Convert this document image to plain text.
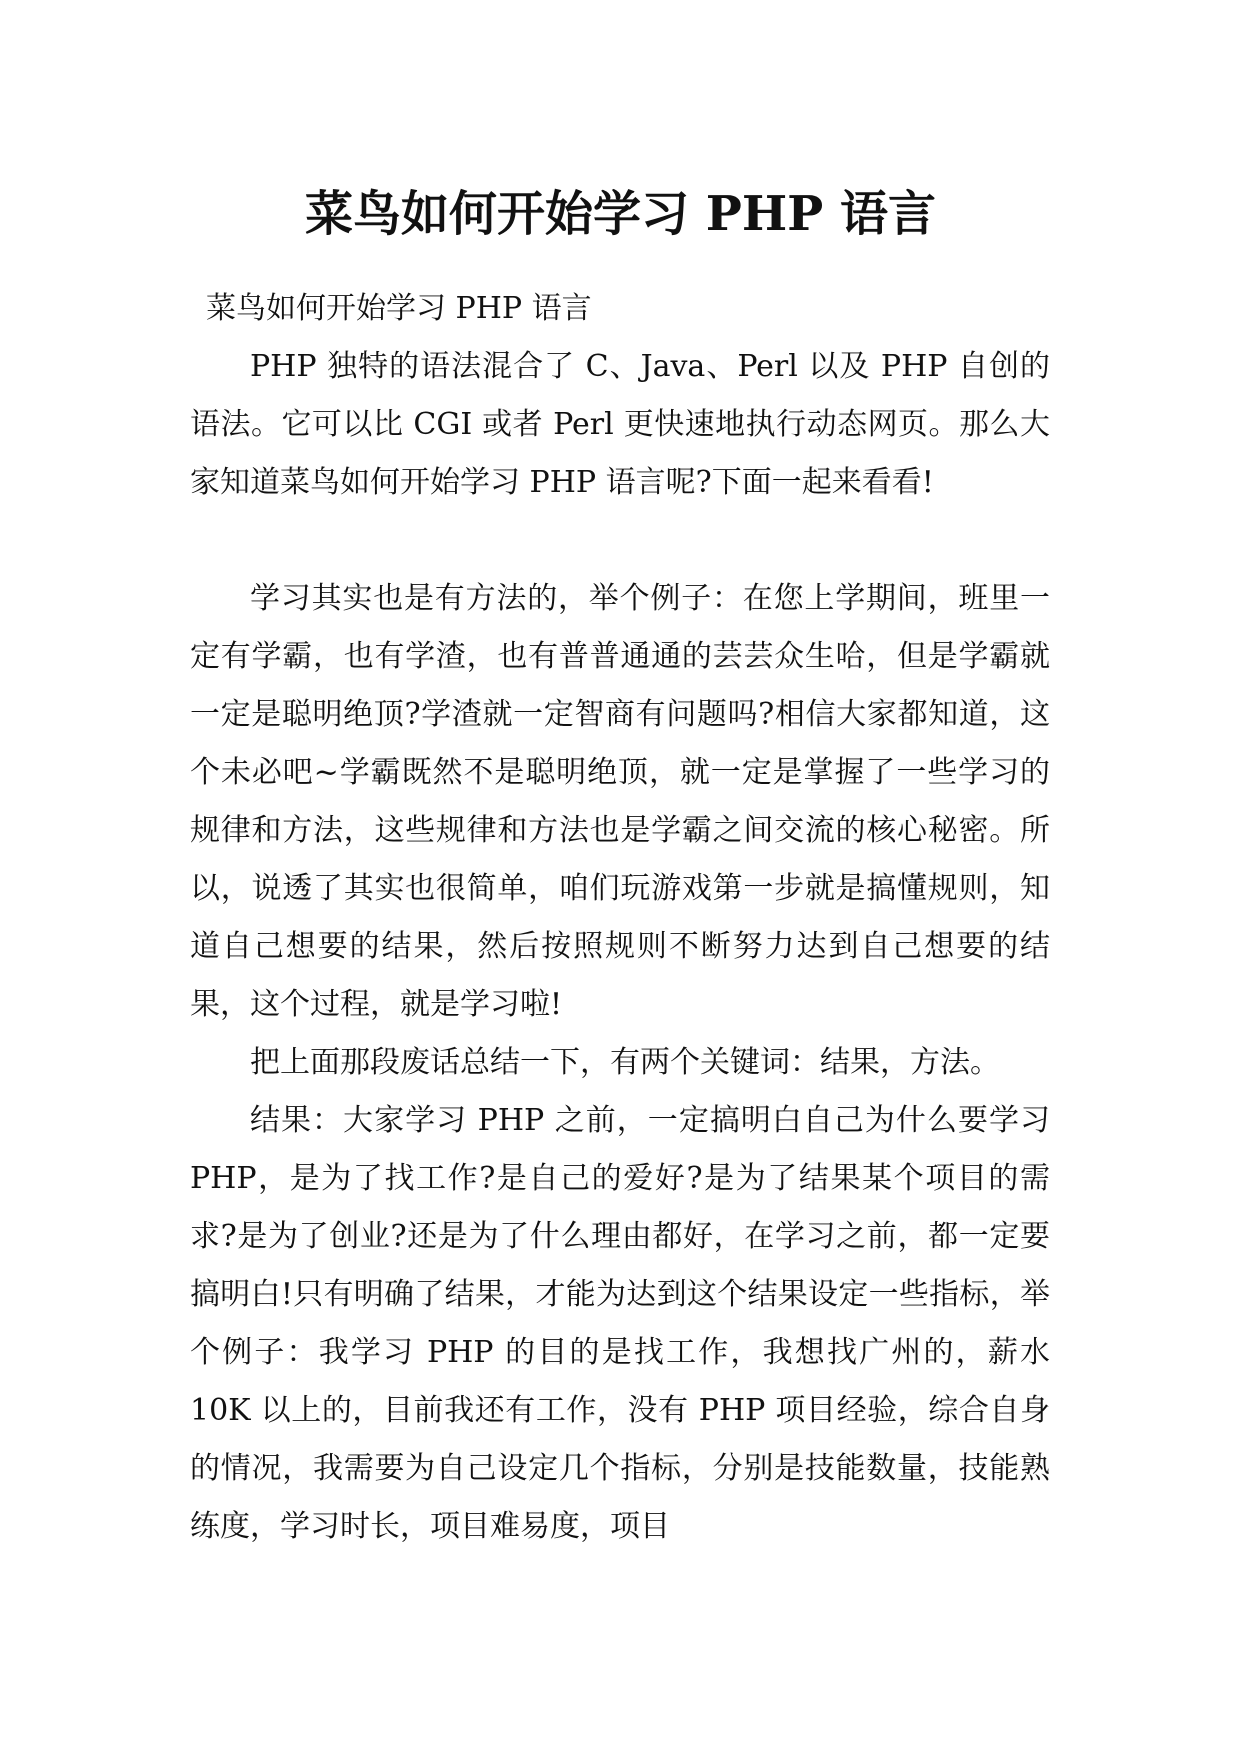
菜鸟如何开始学习 PHP 语言

菜鸟如何开始学习 PHP 语言

PHP 独特的语法混合了 C、Java、Perl 以及 PHP 自创的语法。它可以比 CGI 或者 Perl 更快速地执行动态网页。那么大家知道菜鸟如何开始学习 PHP 语言呢?下面一起来看看!

学习其实也是有方法的，举个例子：在您上学期间，班里一定有学霸，也有学渣，也有普普通通的芸芸众生哈，但是学霸就一定是聪明绝顶?学渣就一定智商有问题吗?相信大家都知道，这个未必吧~学霸既然不是聪明绝顶，就一定是掌握了一些学习的规律和方法，这些规律和方法也是学霸之间交流的核心秘密。所以，说透了其实也很简单，咱们玩游戏第一步就是搞懂规则，知道自己想要的结果，然后按照规则不断努力达到自己想要的结果，这个过程，就是学习啦!

把上面那段废话总结一下，有两个关键词：结果，方法。

结果：大家学习 PHP 之前，一定搞明白自己为什么要学习 PHP，是为了找工作?是自己的爱好?是为了结果某个项目的需求?是为了创业?还是为了什么理由都好，在学习之前，都一定要搞明白!只有明确了结果，才能为达到这个结果设定一些指标，举个例子：我学习 PHP 的目的是找工作，我想找广州的，薪水 10K 以上的，目前我还有工作，没有 PHP 项目经验，综合自身的情况，我需要为自己设定几个指标，分别是技能数量，技能熟练度，学习时长，项目难易度，项目
